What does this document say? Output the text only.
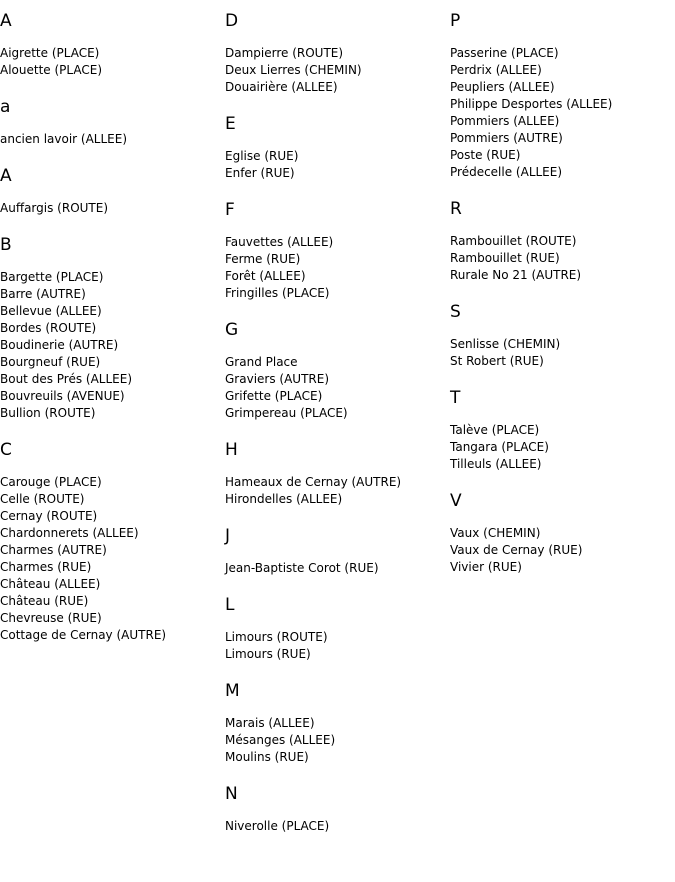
A
Aigrette (PLACE)
Alouette (PLACE)
a
ancien lavoir (ALLEE)
A
Auffargis (ROUTE)
B
Bargette (PLACE)
Barre (AUTRE)
Bellevue (ALLEE)
Bordes (ROUTE)
Boudinerie (AUTRE)
Bourgneuf (RUE)
Bout des Prés (ALLEE)
Bouvreuils (AVENUE)
Bullion (ROUTE)
C
Carouge (PLACE)
Celle (ROUTE)
Cernay (ROUTE)
Chardonnerets (ALLEE)
Charmes (AUTRE)
Charmes (RUE)
Château (ALLEE)
Château (RUE)
Chevreuse (RUE)
Cottage de Cernay (AUTRE)
D
Dampierre (ROUTE)
Deux Lierres (CHEMIN)
Douairière (ALLEE)
E
Eglise (RUE)
Enfer (RUE)
F
Fauvettes (ALLEE)
Ferme (RUE)
Forêt (ALLEE)
Fringilles (PLACE)
G
Grand Place
Graviers (AUTRE)
Grifette (PLACE)
Grimpereau (PLACE)
H
Hameaux de Cernay (AUTRE)
Hirondelles (ALLEE)
J
Jean-Baptiste Corot (RUE)
L
Limours (ROUTE)
Limours (RUE)
M
Marais (ALLEE)
Mésanges (ALLEE)
Moulins (RUE)
N
Niverolle (PLACE)
P
Passerine (PLACE)
Perdrix (ALLEE)
Peupliers (ALLEE)
Philippe Desportes (ALLEE)
Pommiers (ALLEE)
Pommiers (AUTRE)
Poste (RUE)
Prédecelle (ALLEE)
R
Rambouillet (ROUTE)
Rambouillet (RUE)
Rurale No 21 (AUTRE)
S
Senlisse (CHEMIN)
St Robert (RUE)
T
Talève (PLACE)
Tangara (PLACE)
Tilleuls (ALLEE)
V
Vaux (CHEMIN)
Vaux de Cernay (RUE)
Vivier (RUE)
